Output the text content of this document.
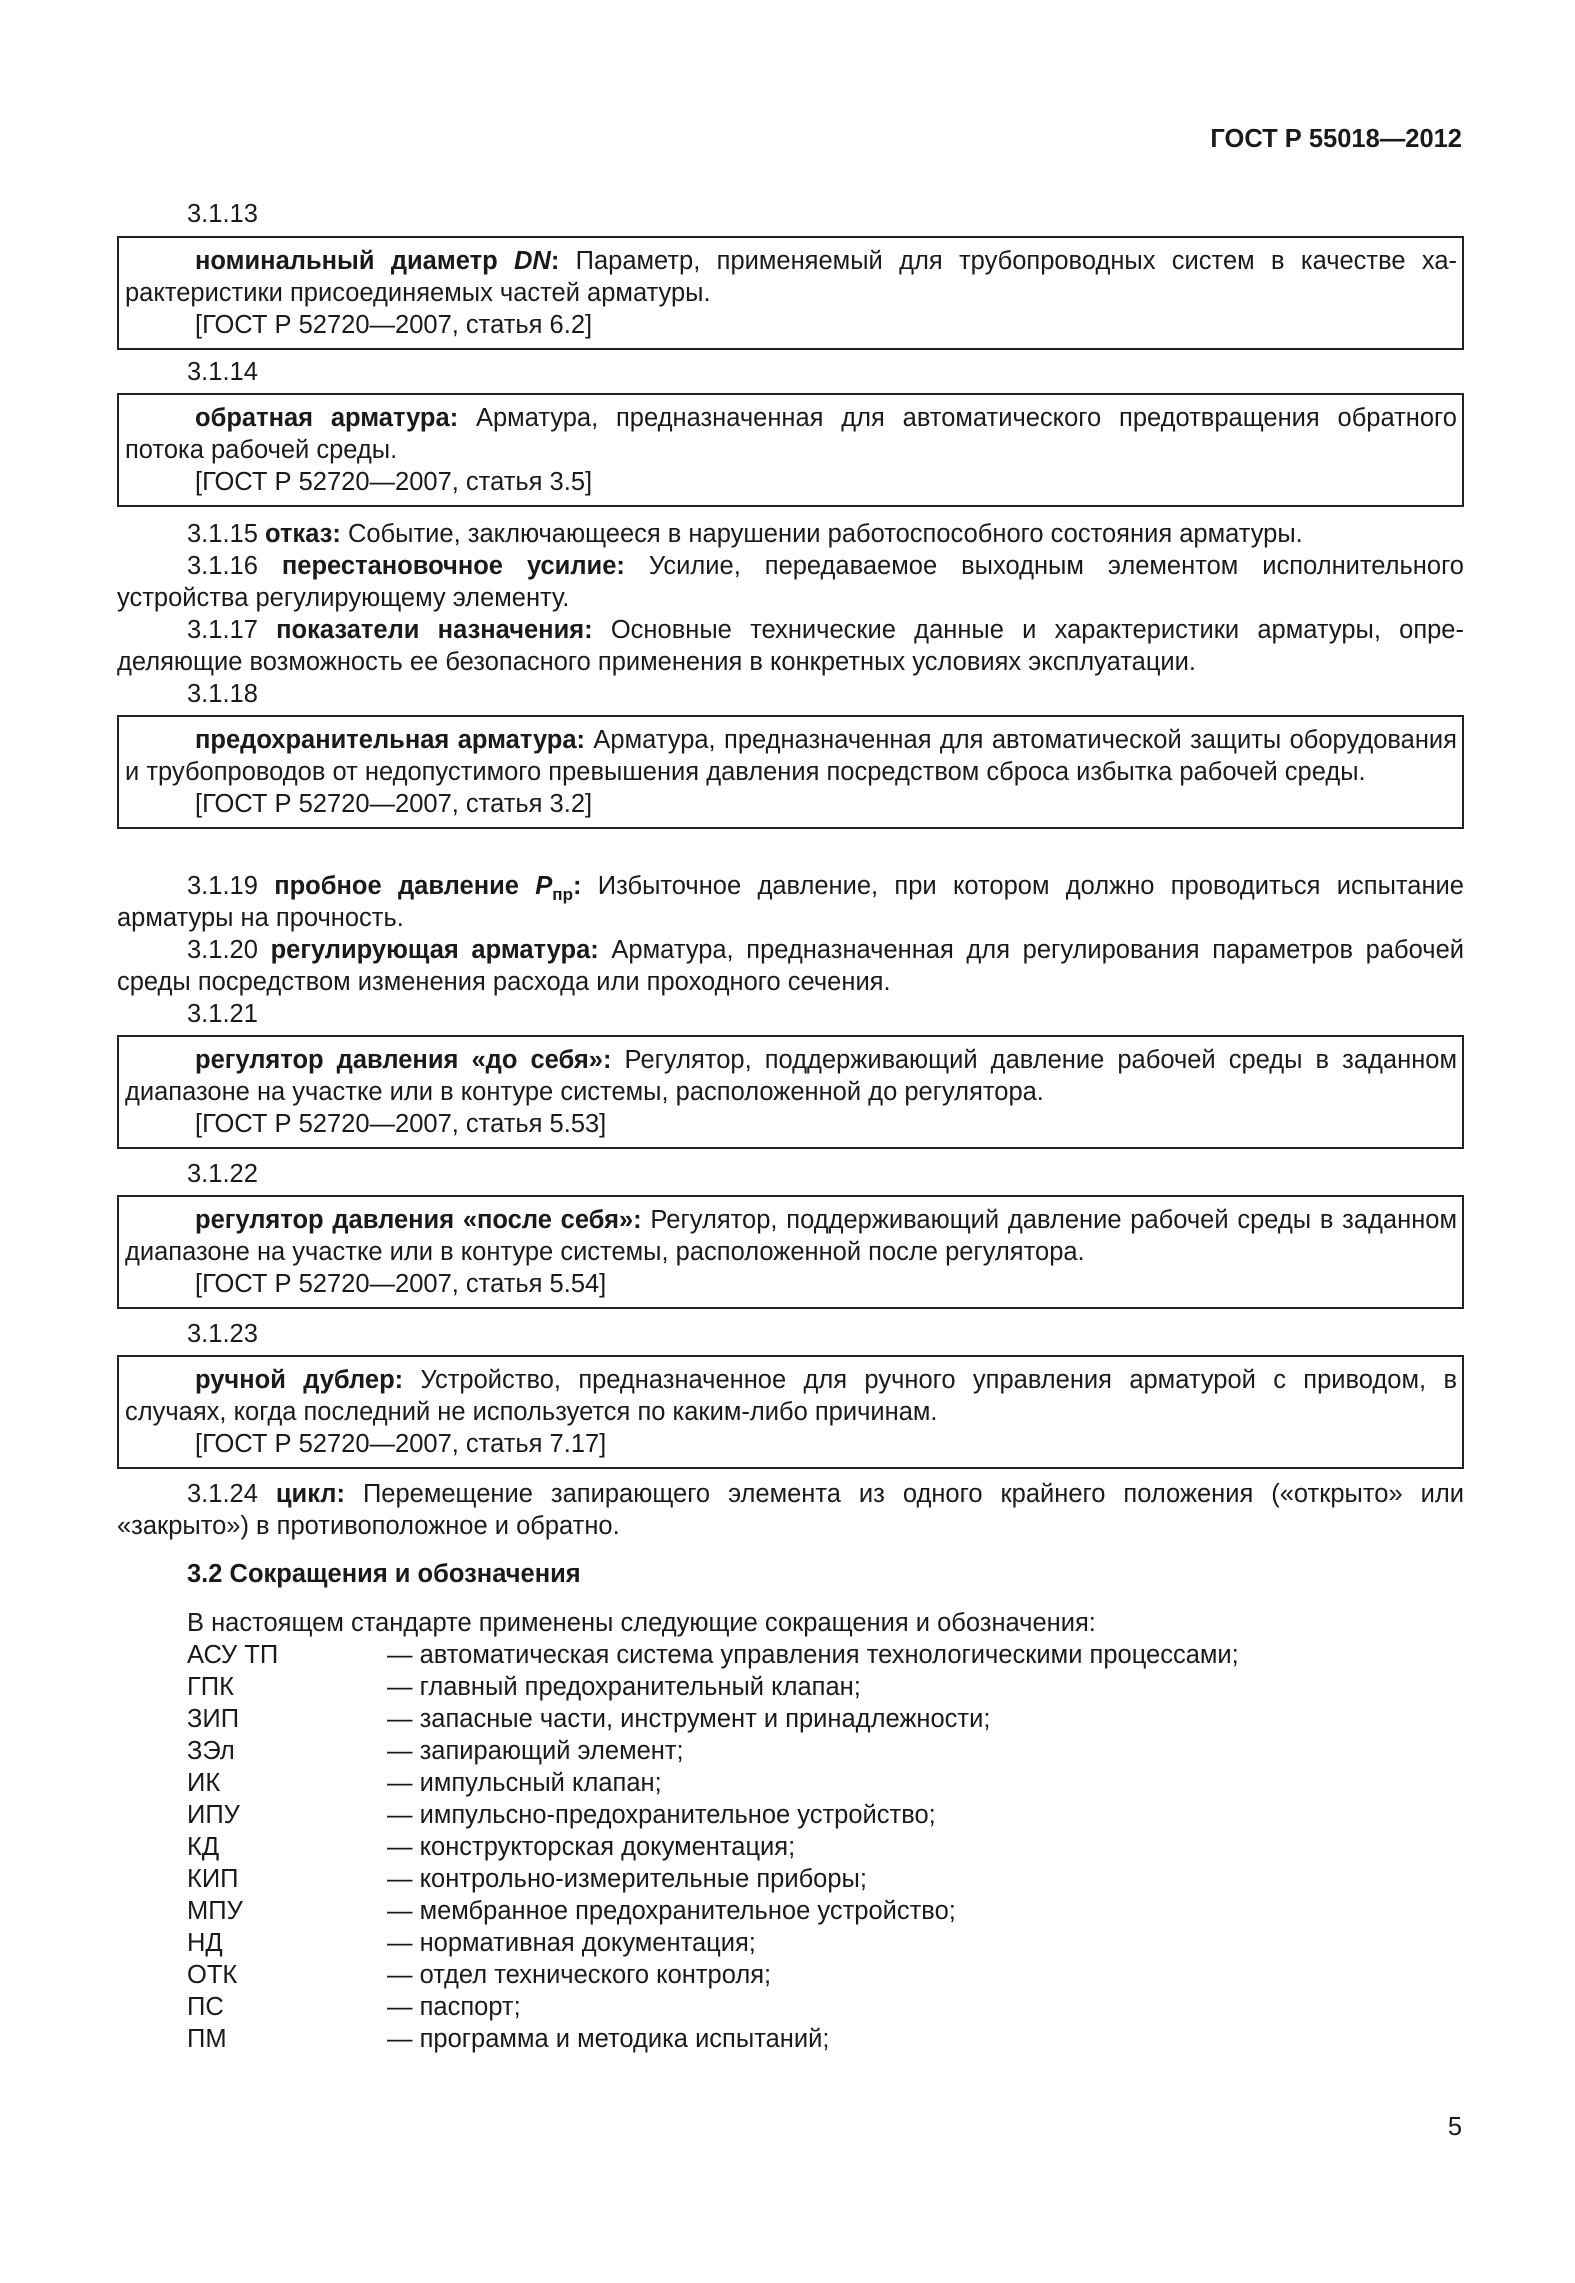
ГОСТ Р 55018—2012
3.1.13
номинальный диаметр DN: Параметр, применяемый для трубопроводных систем в качестве характеристики присоединяемых частей арматуры.
[ГОСТ Р 52720—2007, статья 6.2]
3.1.14
обратная арматура: Арматура, предназначенная для автоматического предотвращения обратного потока рабочей среды.
[ГОСТ Р 52720—2007, статья 3.5]
3.1.15 отказ: Событие, заключающееся в нарушении работоспособного состояния арматуры.
3.1.16 перестановочное усилие: Усилие, передаваемое выходным элементом исполнительного устройства регулирующему элементу.
3.1.17 показатели назначения: Основные технические данные и характеристики арматуры, определяющие возможность ее безопасного применения в конкретных условиях эксплуатации.
3.1.18
предохранительная арматура: Арматура, предназначенная для автоматической защиты оборудования и трубопроводов от недопустимого превышения давления посредством сброса избытка рабочей среды.
[ГОСТ Р 52720—2007, статья 3.2]
3.1.19 пробное давление $P_{пр}$: Избыточное давление, при котором должно проводиться испытание арматуры на прочность.
3.1.20 регулирующая арматура: Арматура, предназначенная для регулирования параметров рабочей среды посредством изменения расхода или проходного сечения.
3.1.21
регулятор давления «до себя»: Регулятор, поддерживающий давление рабочей среды в заданном диапазоне на участке или в контуре системы, расположенной до регулятора.
[ГОСТ Р 52720—2007, статья 5.53]
3.1.22
регулятор давления «после себя»: Регулятор, поддерживающий давление рабочей среды в заданном диапазоне на участке или в контуре системы, расположенной после регулятора.
[ГОСТ Р 52720—2007, статья 5.54]
3.1.23
ручной дублер: Устройство, предназначенное для ручного управления арматурой с приводом, в случаях, когда последний не используется по каким-либо причинам.
[ГОСТ Р 52720—2007, статья 7.17]
3.1.24 цикл: Перемещение запирающего элемента из одного крайнего положения («открыто» или «закрыто») в противоположное и обратно.
3.2 Сокращения и обозначения
В настоящем стандарте применены следующие сокращения и обозначения:
АСУ ТП	— автоматическая система управления технологическими процессами;
ГПК	— главный предохранительный клапан;
ЗИП	— запасные части, инструмент и принадлежности;
ЗЭл	— запирающий элемент;
ИК	— импульсный клапан;
ИПУ	— импульсно-предохранительное устройство;
КД	— конструкторская документация;
КИП	— контрольно-измерительные приборы;
МПУ	— мембранное предохранительное устройство;
НД	— нормативная документация;
ОТК	— отдел технического контроля;
ПС	— паспорт;
ПМ	— программа и методика испытаний;
5
